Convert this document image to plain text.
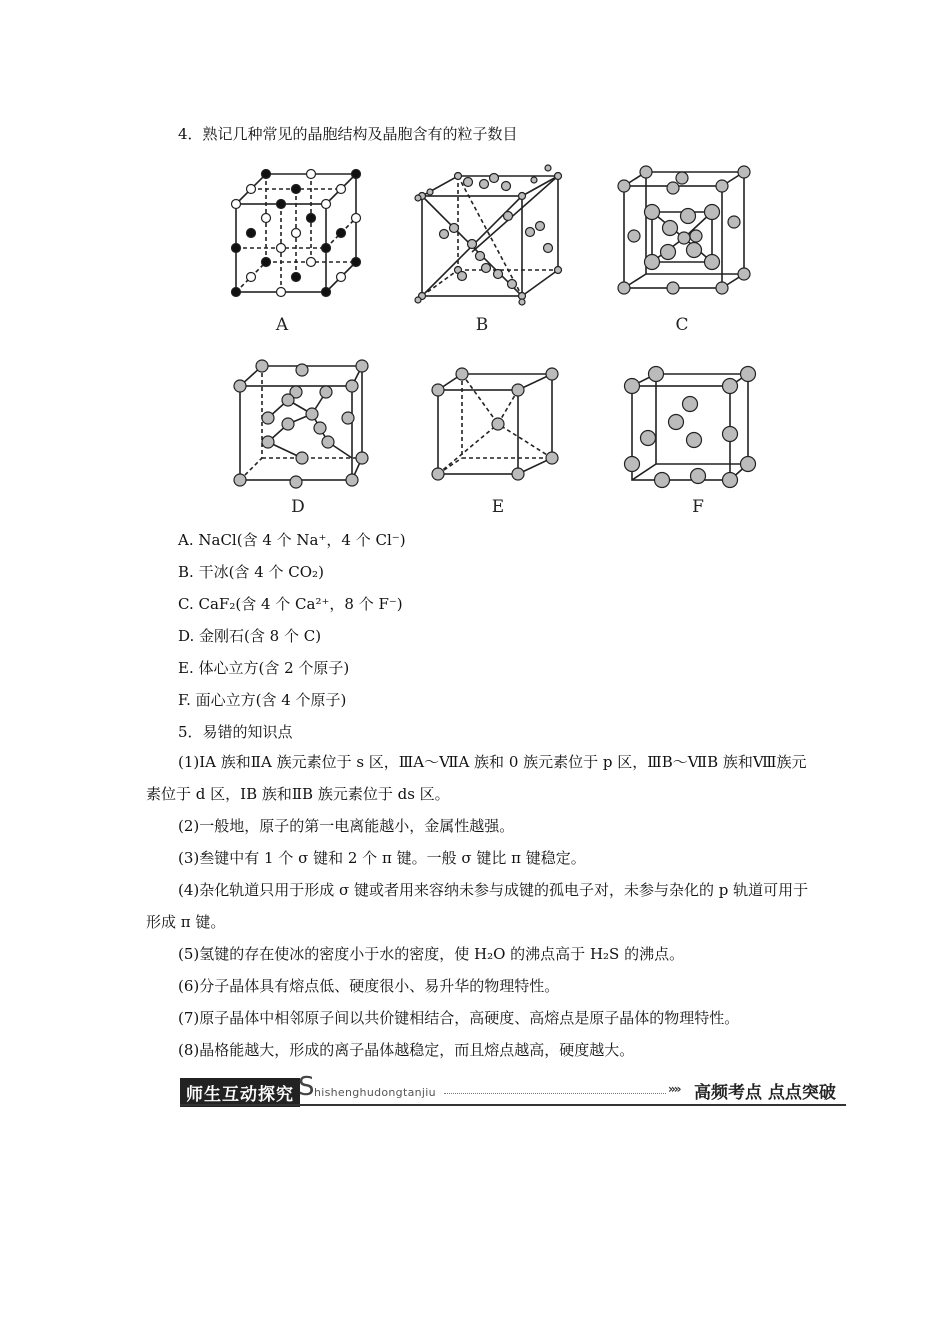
4．熟记几种常见的晶胞结构及晶胞含有的粒子数目
A	B	C
D	E	F
A. NaCl(含 4 个 Na⁺，4 个 Cl⁻)
B. 干冰(含 4 个 CO₂)
C. CaF₂(含 4 个 Ca²⁺，8 个 F⁻)
D. 金刚石(含 8 个 C)
E. 体心立方(含 2 个原子)
F. 面心立方(含 4 个原子)
5．易错的知识点
(1)ⅠA 族和ⅡA 族元素位于 s 区，ⅢA～ⅦA 族和 0 族元素位于 p 区，ⅢB～ⅦB 族和Ⅷ族元素位于 d 区，ⅠB 族和ⅡB 族元素位于 ds 区。
(2)一般地，原子的第一电离能越小，金属性越强。
(3)叁键中有 1 个 σ 键和 2 个 π 键。一般 σ 键比 π 键稳定。
(4)杂化轨道只用于形成 σ 键或者用来容纳未参与成键的孤电子对，未参与杂化的 p 轨道可用于形成 π 键。
(5)氢键的存在使冰的密度小于水的密度，使 H₂O 的沸点高于 H₂S 的沸点。
(6)分子晶体具有熔点低、硬度很小、易升华的物理特性。
(7)原子晶体中相邻原子间以共价键相结合，高硬度、高熔点是原子晶体的物理特性。
(8)晶格能越大，形成的离子晶体越稳定，而且熔点越高，硬度越大。
师生互动探究 S hishenghudongtanjiu	»» 高频考点 点点突破
